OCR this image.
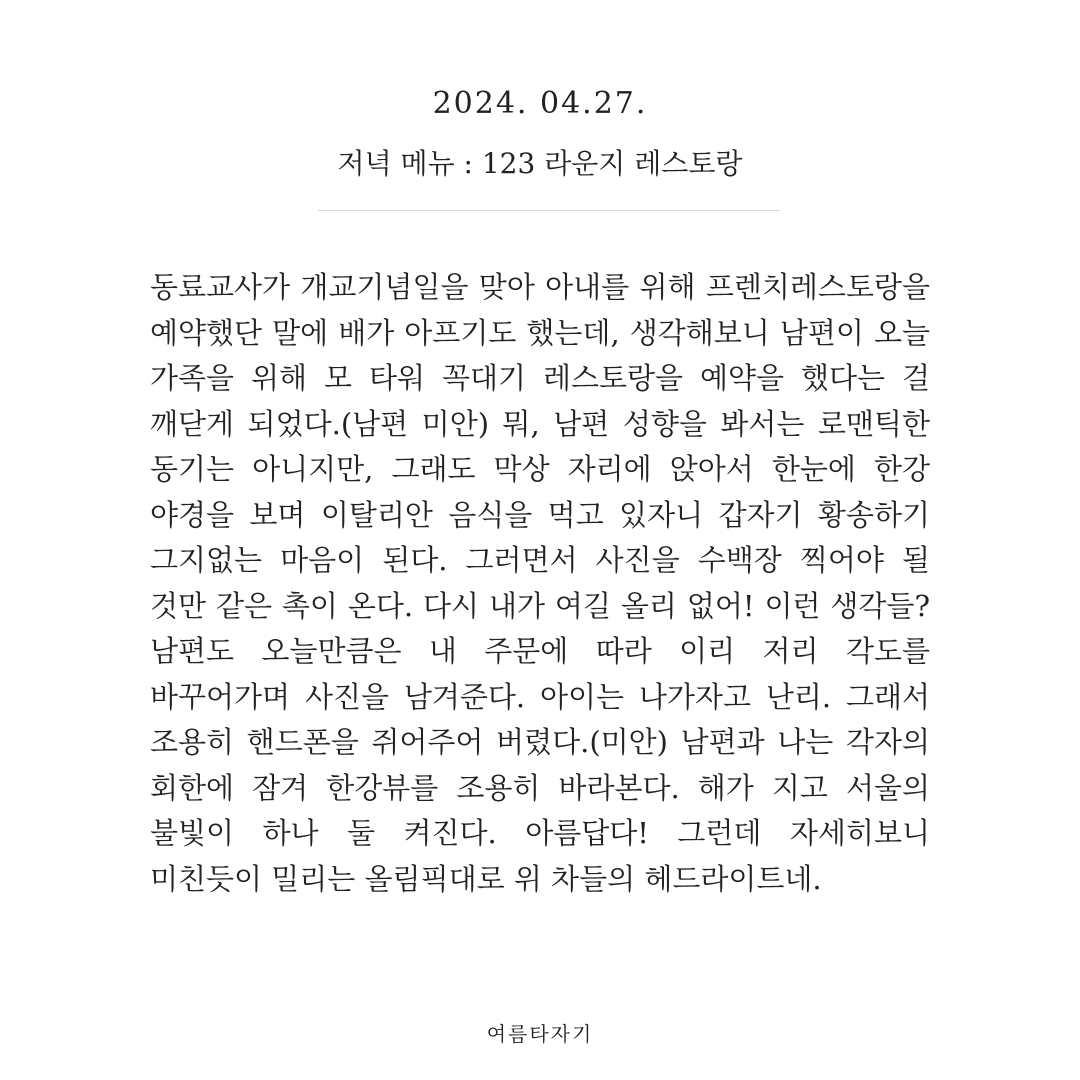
2024. 04.27.
저녁 메뉴 : 123 라운지 레스토랑

동료교사가 개교기념일을 맞아 아내를 위해 프렌치레스토랑을 예약했단 말에 배가 아프기도 했는데, 생각해보니 남편이 오늘 가족을 위해 모 타워 꼭대기 레스토랑을 예약을 했다는 걸 깨닫게 되었다.(남편 미안) 뭐, 남편 성향을 봐서는 로맨틱한 동기는 아니지만, 그래도 막상 자리에 앉아서 한눈에 한강 야경을 보며 이탈리안 음식을 먹고 있자니 갑자기 황송하기 그지없는 마음이 된다. 그러면서 사진을 수백장 찍어야 될 것만 같은 촉이 온다. 다시 내가 여길 올리 없어! 이런 생각들? 남편도 오늘만큼은 내 주문에 따라 이리 저리 각도를 바꾸어가며 사진을 남겨준다. 아이는 나가자고 난리. 그래서 조용히 핸드폰을 쥐어주어 버렸다.(미안) 남편과 나는 각자의 회한에 잠겨 한강뷰를 조용히 바라본다. 해가 지고 서울의 불빛이 하나 둘 켜진다. 아름답다! 그런데 자세히보니 미친듯이 밀리는 올림픽대로 위 차들의 헤드라이트네.

여름타자기
